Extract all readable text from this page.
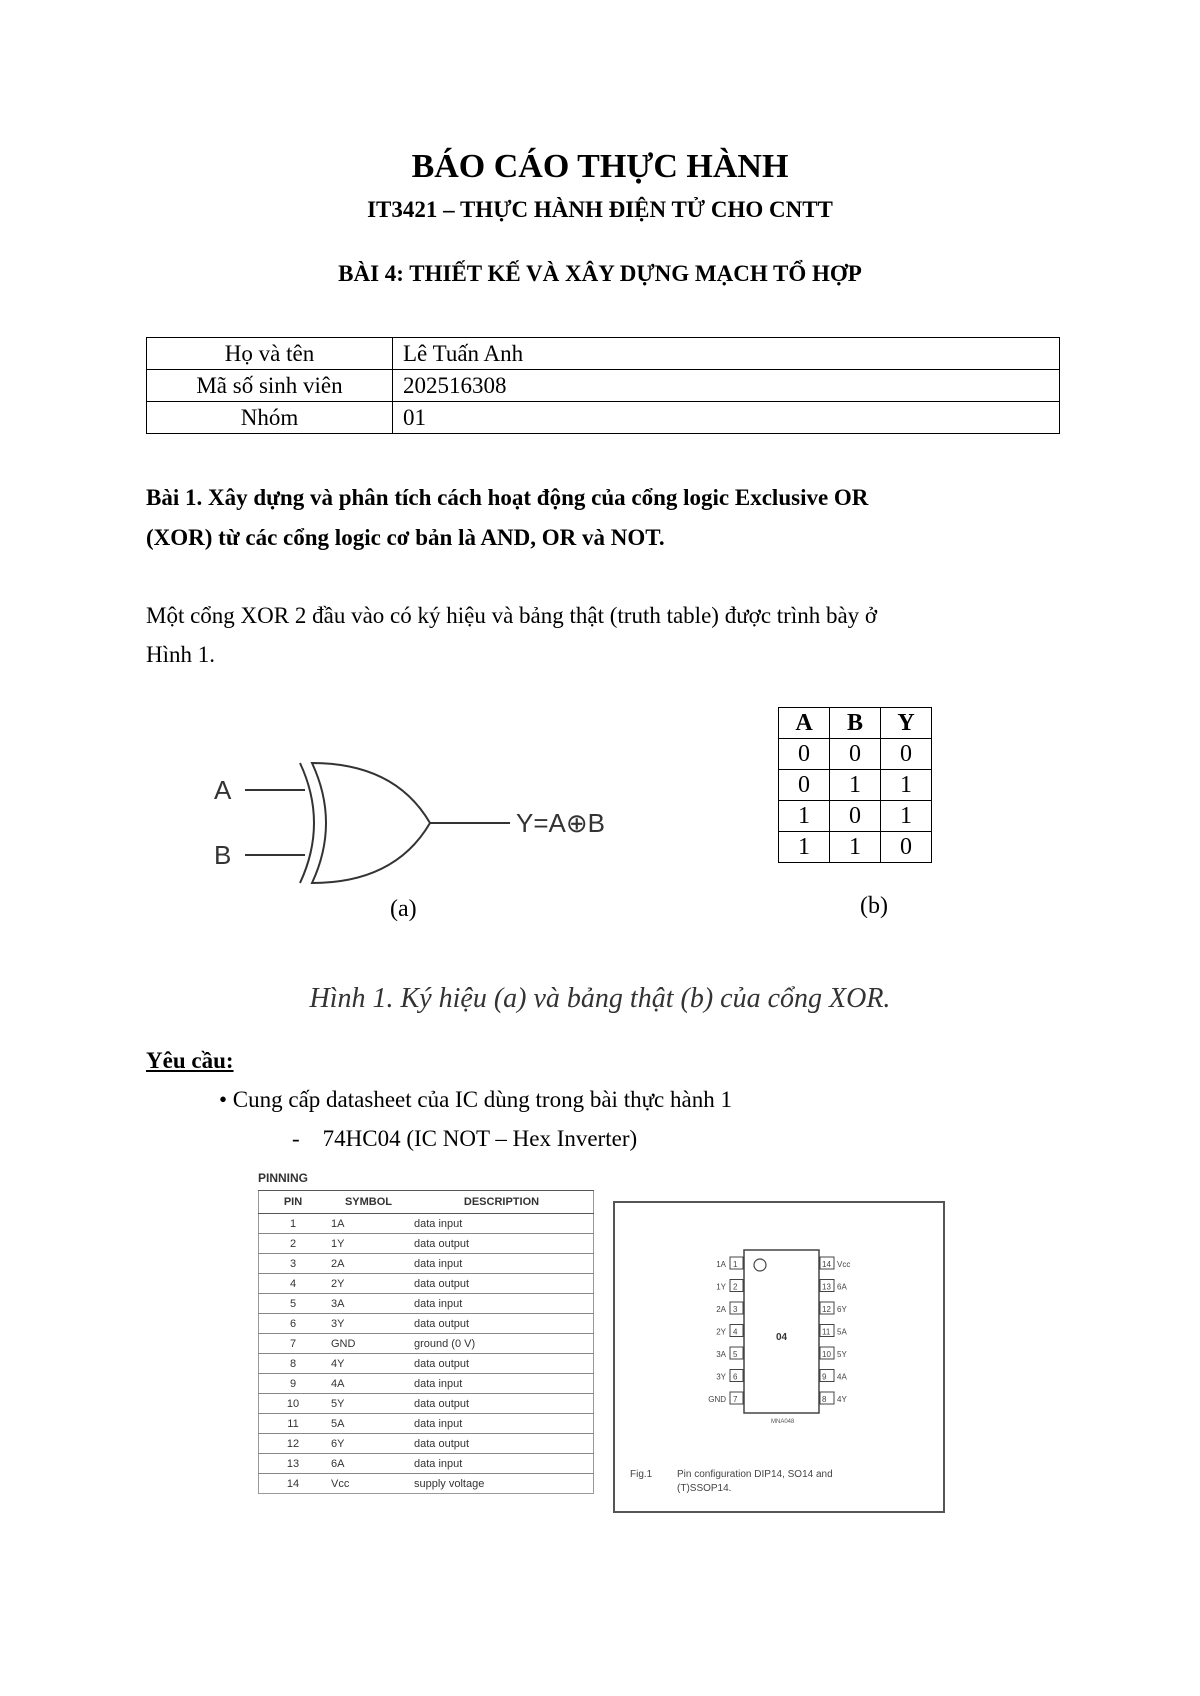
BÁO CÁO THỰC HÀNH
IT3421 – THỰC HÀNH ĐIỆN TỬ CHO CNTT
BÀI 4: THIẾT KẾ VÀ XÂY DỰNG MẠCH TỔ HỢP
Họ và tên	Lê Tuấn Anh
Mã số sinh viên	202516308
Nhóm	01
Bài 1. Xây dựng và phân tích cách hoạt động của cổng logic Exclusive OR
(XOR) từ các cổng logic cơ bản là AND, OR và NOT.
Một cổng XOR 2 đầu vào có ký hiệu và bảng thật (truth table) được trình bày ở
Hình 1.
A
B
Y=A⊕B
(a)
A	B	Y
0	0	0
0	1	1
1	0	1
1	1	0
(b)
Hình 1. Ký hiệu (a) và bảng thật (b) của cổng XOR.
Yêu cầu:
• Cung cấp datasheet của IC dùng trong bài thực hành 1
-    74HC04 (IC NOT – Hex Inverter)
PINNING
PIN	SYMBOL	DESCRIPTION
1	1A	data input
2	1Y	data output
3	2A	data input
4	2Y	data output
5	3A	data input
6	3Y	data output
7	GND	ground (0 V)
8	4Y	data output
9	4A	data input
10	5Y	data output
11	5A	data input
12	6Y	data output
13	6A	data input
14	Vcc	supply voltage
04
MNA048
1
1A
2
1Y
3
2A
4
2Y
5
3A
6
3Y
7
GND
14 Vcc
13 6A
12 6Y
11 5A
10 5Y
9 4A
8 4Y
Fig.1 Pin configuration DIP14, SO14 and
(T)SSOP14.
